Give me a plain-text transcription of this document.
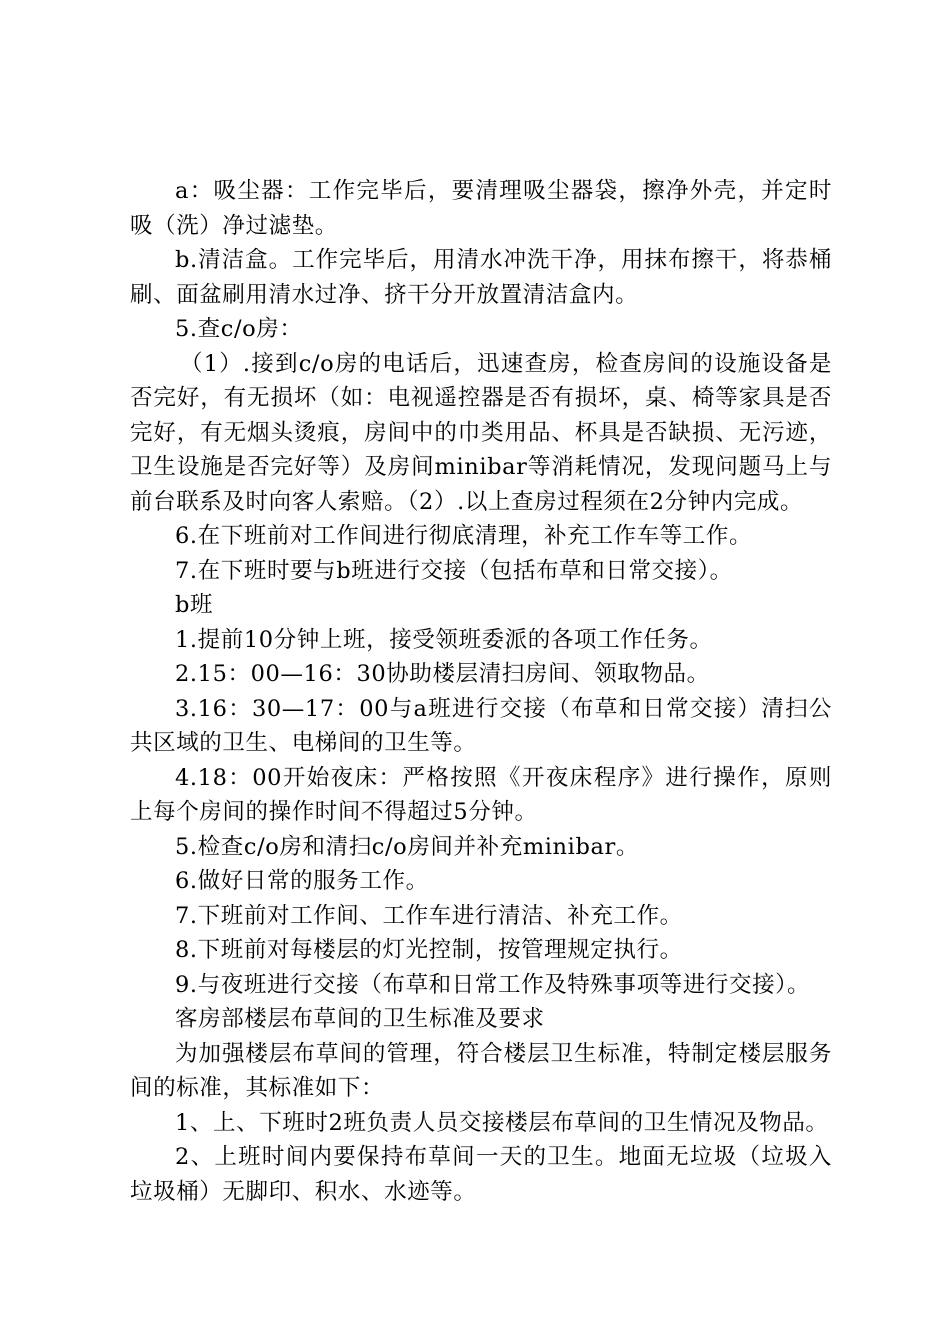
a：吸尘器：工作完毕后，要清理吸尘器袋，擦净外壳，并定时吸（洗）净过滤垫。

b.清洁盒。工作完毕后，用清水冲洗干净，用抹布擦干，将恭桶刷、面盆刷用清水过净、挤干分开放置清洁盒内。

5.查c/o房：

（1）.接到c/o房的电话后，迅速查房，检查房间的设施设备是否完好，有无损坏（如：电视遥控器是否有损坏，桌、椅等家具是否完好，有无烟头烫痕，房间中的巾类用品、杯具是否缺损、无污迹，卫生设施是否完好等）及房间minibar等消耗情况，发现问题马上与前台联系及时向客人索赔。（2）.以上查房过程须在2分钟内完成。

6.在下班前对工作间进行彻底清理，补充工作车等工作。

7.在下班时要与b班进行交接（包括布草和日常交接）。

b班

1.提前10分钟上班，接受领班委派的各项工作任务。

2.15：00—16：30协助楼层清扫房间、领取物品。

3.16：30—17：00与a班进行交接（布草和日常交接）清扫公共区域的卫生、电梯间的卫生等。

4.18：00开始夜床：严格按照《开夜床程序》进行操作，原则上每个房间的操作时间不得超过5分钟。

5.检查c/o房和清扫c/o房间并补充minibar。

6.做好日常的服务工作。

7.下班前对工作间、工作车进行清洁、补充工作。

8.下班前对每楼层的灯光控制，按管理规定执行。

9.与夜班进行交接（布草和日常工作及特殊事项等进行交接）。

客房部楼层布草间的卫生标准及要求

为加强楼层布草间的管理，符合楼层卫生标准，特制定楼层服务间的标准，其标准如下：

1、上、下班时2班负责人员交接楼层布草间的卫生情况及物品。

2、上班时间内要保持布草间一天的卫生。地面无垃圾（垃圾入垃圾桶）无脚印、积水、水迹等。
